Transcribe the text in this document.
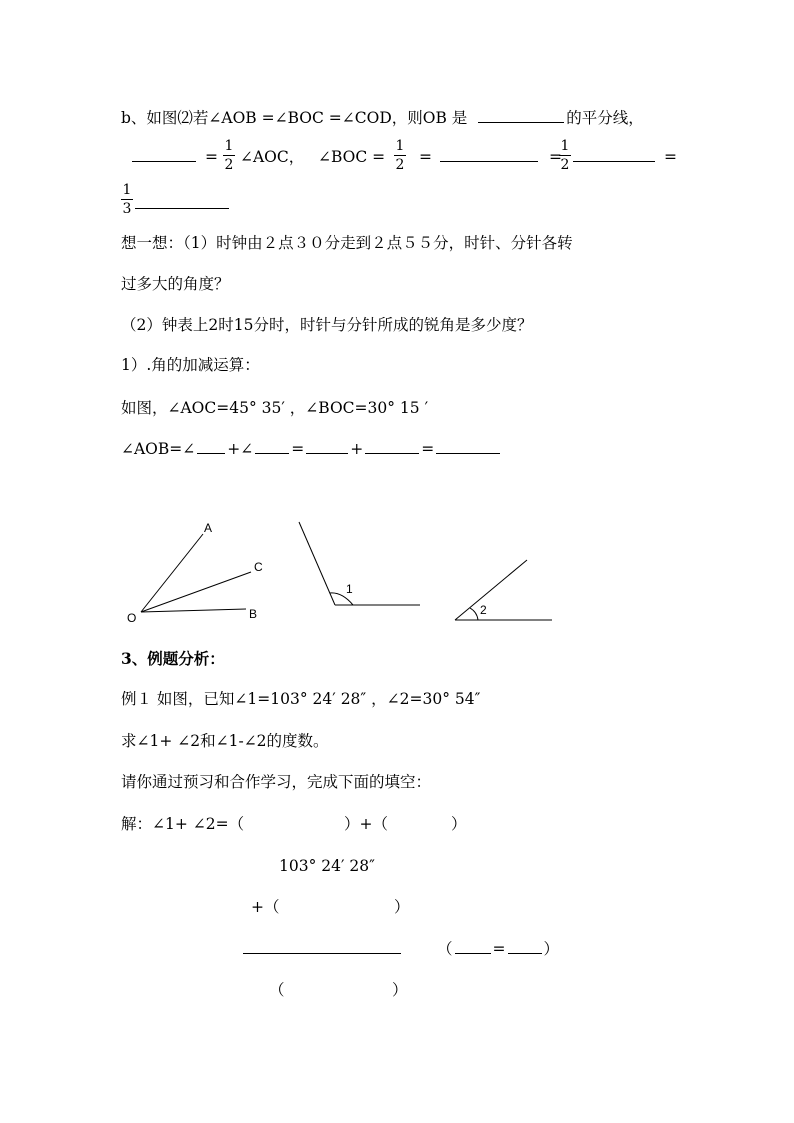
b、如图⑵若∠AOB =∠BOC =∠COD，则OB 是	的平分线，
=
1
2 ∠AOC， ∠BOC =
1
2 =	=
1
2	=
1
3
想一想：（1）时钟由２点３０分走到２点５５分，时针、分针各转
过多大的角度？
（2）钟表上2时15分时，时针与分针所成的锐角是多少度？
1）.角的加减运算：
如图，∠AOC=45° 35′ ，∠BOC=30° 15 ′
∠AOB=∠ +∠ =	+	=
A
C
O	B
1
2
3、例题分析：
例１ 如图，已知∠1=103° 24′ 28″ ，∠2=30° 54″
求∠1+ ∠2和∠1-∠2的度数。
请你通过预习和合作学习，完成下面的填空：
解：∠1+ ∠2=（	）+（	）
103° 24′ 28″
+（	）
（	= ）
（	）
